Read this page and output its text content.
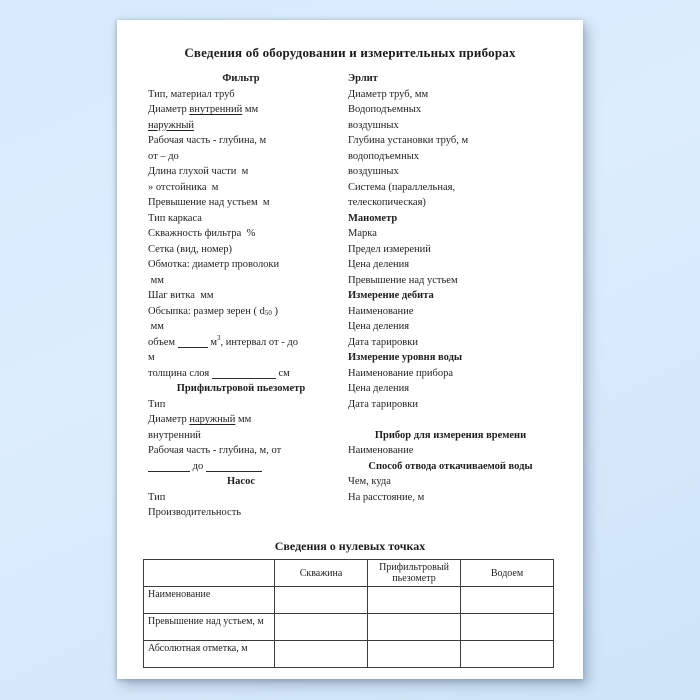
Сведения об оборудовании и измерительных приборах
Фильтр
Тип, материал труб
Диаметр внутренний мм
наружный
Рабочая часть - глубина, м
от – до
Длина глухой части м
» отстойника м
Превышение над устьем м
Тип каркаса
Скважность фильтра %
Сетка (вид, номер)
Обмотка: диаметр проволоки
мм
Шаг витка мм
Обсыпка: размер зерен ( d 50 )
мм
объем	м 3 , интервал от - до
м
толщина слоя	см
Прифильтровой пьезометр
Тип
Диаметр наружный мм
внутренний
Рабочая часть - глубина, м, от
до
Насос
Тип
Производительность
Эрлит
Диаметр труб, мм
Водоподъемных
воздушных
Глубина установки труб, м
водоподъемных
воздушных
Система (параллельная,
телескопическая)
Манометр
Марка
Предел измерений
Цена деления
Превышение над устьем
Измерение дебита
Наименование
Цена деления
Дата тарировки
Измерение уровня воды
Наименование прибора
Цена деления
Дата тарировки

Прибор для измерения времени
Наименование
Способ отвода откачиваемой воды
Чем, куда
На расстояние, м
Сведения о нулевых точках
	Скважина	Прифильтровый пьезометр	Водоем
Наименование			
Превышение над устьем, м			
Абсолютная отметка, м			
